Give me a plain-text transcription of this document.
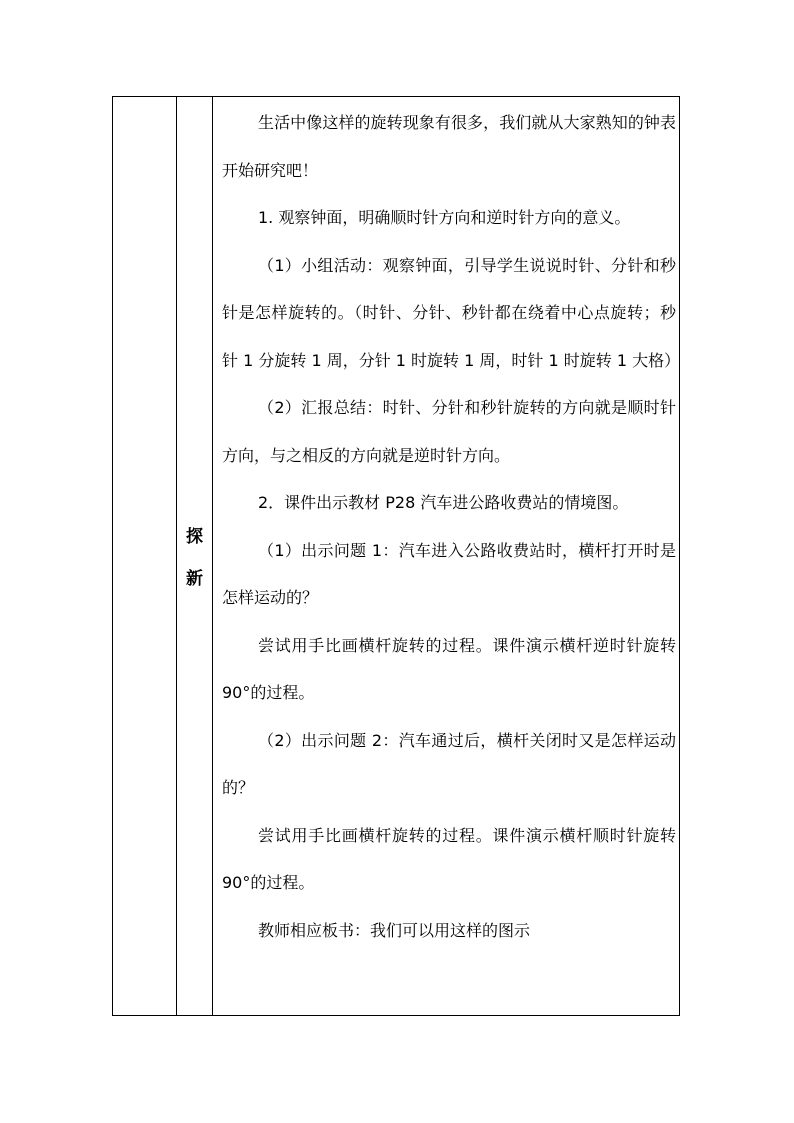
探
新

生活中像这样的旋转现象有很多，我们就从大家熟知的钟表开始研究吧！

1. 观察钟面，明确顺时针方向和逆时针方向的意义。

（1）小组活动：观察钟面，引导学生说说时针、分针和秒针是怎样旋转的。（时针、分针、秒针都在绕着中心点旋转；秒针 1 分旋转 1 周，分针 1 时旋转 1 周，时针 1 时旋转 1 大格）

（2）汇报总结：时针、分针和秒针旋转的方向就是顺时针方向，与之相反的方向就是逆时针方向。

2．课件出示教材 P28 汽车进公路收费站的情境图。

（1）出示问题 1：汽车进入公路收费站时，横杆打开时是怎样运动的？

尝试用手比画横杆旋转的过程。课件演示横杆逆时针旋转 90°的过程。

（2）出示问题 2：汽车通过后，横杆关闭时又是怎样运动的？

尝试用手比画横杆旋转的过程。课件演示横杆顺时针旋转 90°的过程。

教师相应板书：我们可以用这样的图示
